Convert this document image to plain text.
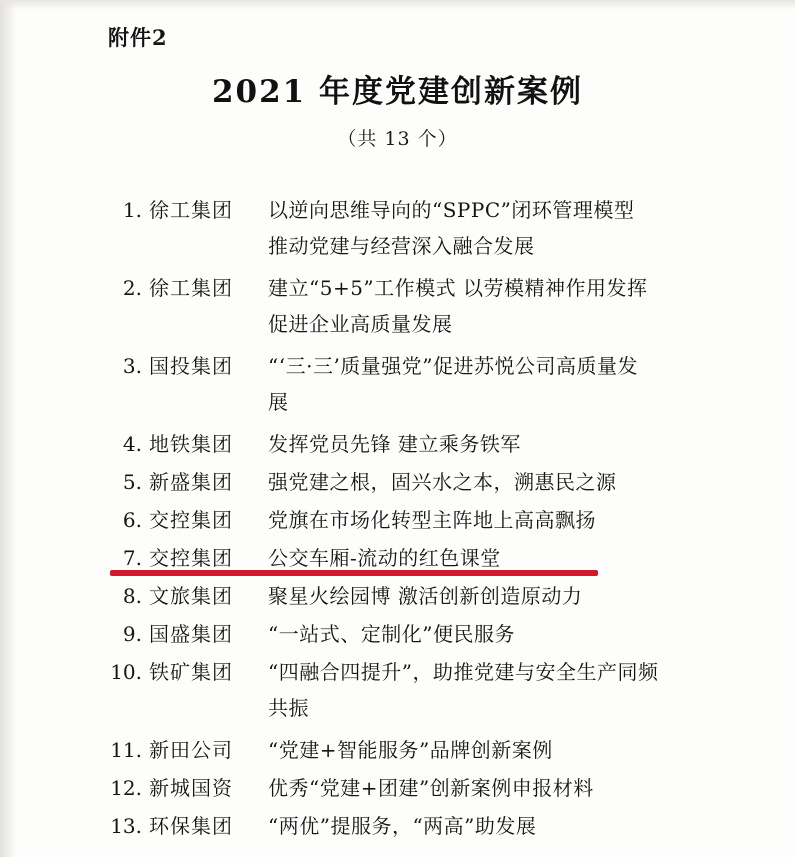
附件2
2021 年度党建创新案例
（共 13 个）
1. 徐工集团	以逆向思维导向的“SPPC”闭环管理模型
推动党建与经营深入融合发展
2. 徐工集团	建立“5+5”工作模式 以劳模精神作用发挥
促进企业高质量发展
3. 国投集团	“‘三·三’质量强党”促进苏悦公司高质量发
展
4. 地铁集团	发挥党员先锋 建立乘务铁军
5. 新盛集团	强党建之根，固兴水之本，溯惠民之源
6. 交控集团	党旗在市场化转型主阵地上高高飘扬
7. 交控集团	公交车厢-流动的红色课堂
8. 文旅集团	聚星火绘园博 激活创新创造原动力
9. 国盛集团	“一站式、定制化”便民服务
10. 铁矿集团	“四融合四提升”，助推党建与安全生产同频
共振
11. 新田公司	“党建+智能服务”品牌创新案例
12. 新城国资	优秀“党建+团建”创新案例申报材料
13. 环保集团	“两优”提服务，“两高”助发展
